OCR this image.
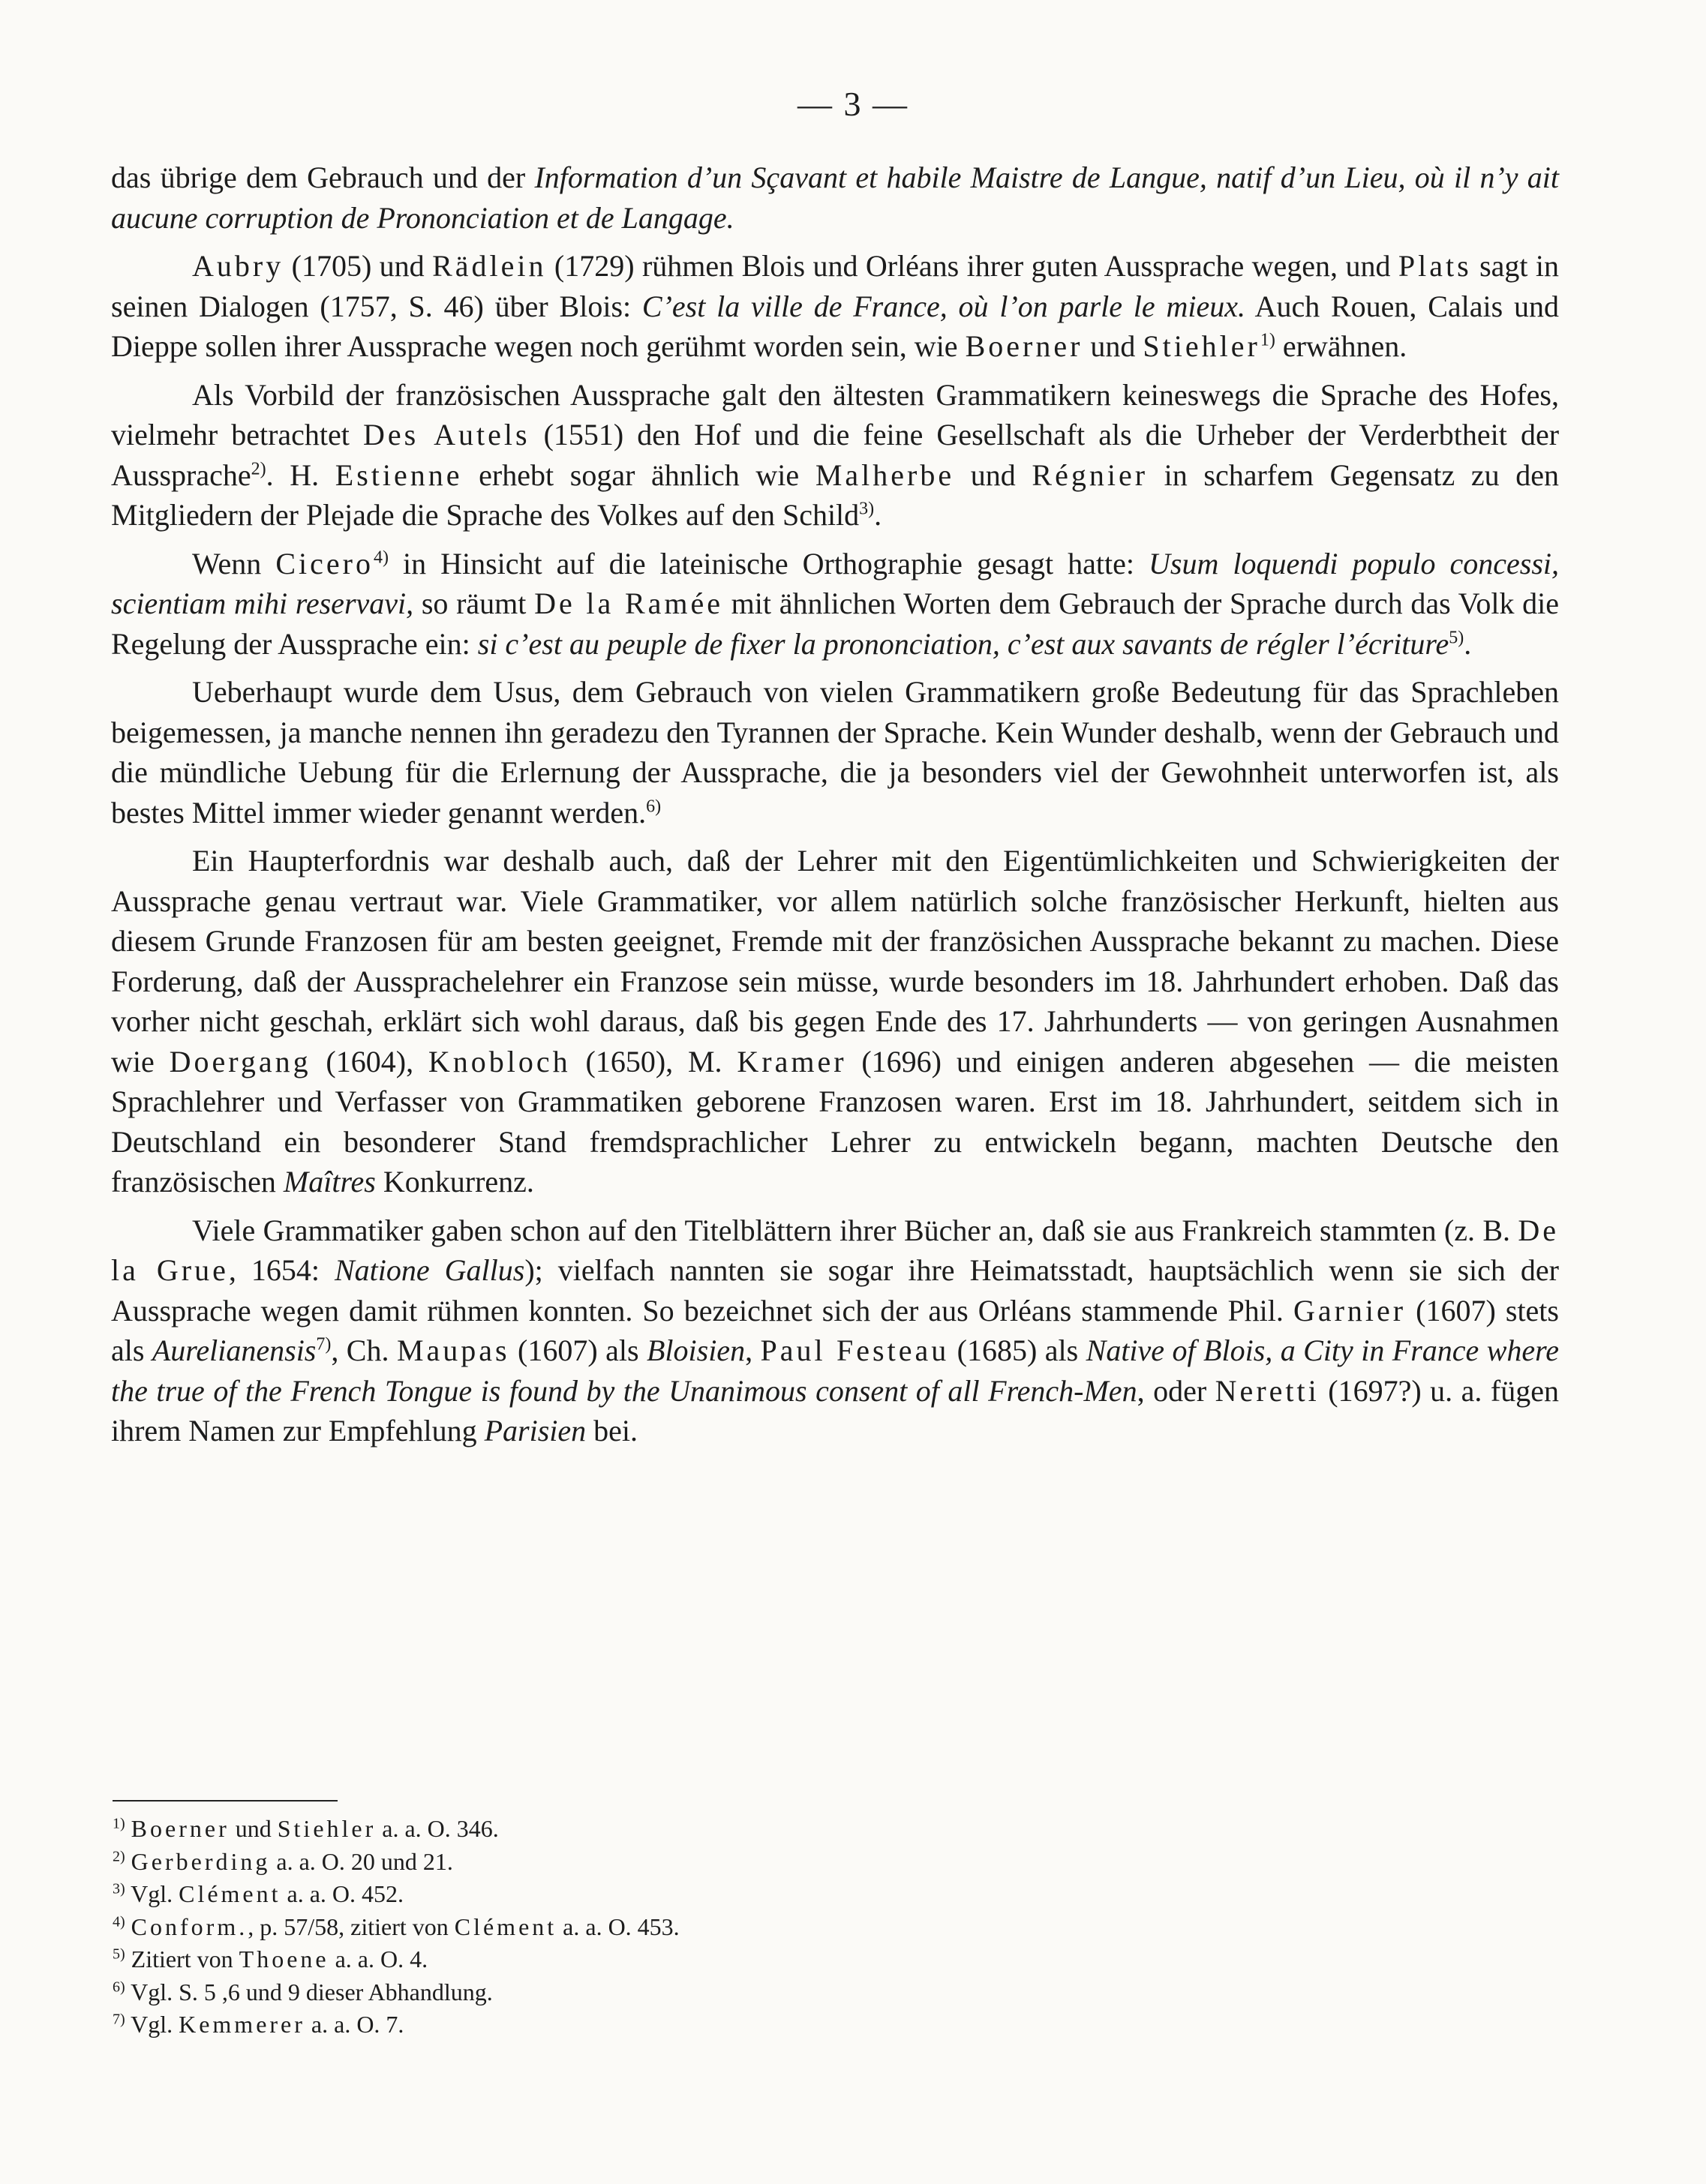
— 3 —

das übrige dem Gebrauch und der Information d’un Sçavant et habile Maistre de Langue, natif d’un Lieu, où il n’y ait aucune corruption de Prononciation et de Langage.

Aubry (1705) und Rädlein (1729) rühmen Blois und Orléans ihrer guten Aussprache wegen, und Plats sagt in seinen Dialogen (1757, S. 46) über Blois: C’est la ville de France, où l’on parle le mieux. Auch Rouen, Calais und Dieppe sollen ihrer Aussprache wegen noch gerühmt worden sein, wie Boerner und Stiehler$^{1)}$ erwähnen.

Als Vorbild der französischen Aussprache galt den ältesten Grammatikern keineswegs die Sprache des Hofes, vielmehr betrachtet Des Autels (1551) den Hof und die feine Gesellschaft als die Urheber der Verderbtheit der Aussprache$^{2)}$. H. Estienne erhebt sogar ähnlich wie Malherbe und Régnier in scharfem Gegensatz zu den Mitgliedern der Plejade die Sprache des Volkes auf den Schild$^{3)}$.

Wenn Cicero$^{4)}$ in Hinsicht auf die lateinische Orthographie gesagt hatte: Usum loquendi populo concessi, scientiam mihi reservavi, so räumt De la Ramée mit ähnlichen Worten dem Gebrauch der Sprache durch das Volk die Regelung der Aussprache ein: si c’est au peuple de fixer la prononciation, c’est aux savants de régler l’écriture$^{5)}$.

Ueberhaupt wurde dem Usus, dem Gebrauch von vielen Grammatikern große Bedeutung für das Sprachleben beigemessen, ja manche nennen ihn geradezu den Tyrannen der Sprache. Kein Wunder deshalb, wenn der Gebrauch und die mündliche Uebung für die Erlernung der Aussprache, die ja besonders viel der Gewohnheit unterworfen ist, als bestes Mittel immer wieder genannt werden.$^{6)}$

Ein Haupterfordnis war deshalb auch, daß der Lehrer mit den Eigentümlichkeiten und Schwierigkeiten der Aussprache genau vertraut war. Viele Grammatiker, vor allem natürlich solche französischer Herkunft, hielten aus diesem Grunde Franzosen für am besten geeignet, Fremde mit der französichen Aussprache bekannt zu machen. Diese Forderung, daß der Aussprachelehrer ein Franzose sein müsse, wurde besonders im 18. Jahrhundert erhoben. Daß das vorher nicht geschah, erklärt sich wohl daraus, daß bis gegen Ende des 17. Jahrhunderts — von geringen Ausnahmen wie Doergang (1604), Knobloch (1650), M. Kramer (1696) und einigen anderen abgesehen — die meisten Sprachlehrer und Verfasser von Grammatiken geborene Franzosen waren. Erst im 18. Jahrhundert, seitdem sich in Deutschland ein besonderer Stand fremdsprachlicher Lehrer zu entwickeln begann, machten Deutsche den französischen Maîtres Konkurrenz.

Viele Grammatiker gaben schon auf den Titelblättern ihrer Bücher an, daß sie aus Frankreich stammten (z. B. De la Grue, 1654: Natione Gallus); vielfach nannten sie sogar ihre Heimatsstadt, hauptsächlich wenn sie sich der Aussprache wegen damit rühmen konnten. So bezeichnet sich der aus Orléans stammende Phil. Garnier (1607) stets als Aurelianensis$^{7)}$, Ch. Maupas (1607) als Bloisien, Paul Festeau (1685) als Native of Blois, a City in France where the true of the French Tongue is found by the Unanimous consent of all French-Men, oder Neretti (1697?) u. a. fügen ihrem Namen zur Empfehlung Parisien bei.

$^{1)}$ Boerner und Stiehler a. a. O. 346.
$^{2)}$ Gerberding a. a. O. 20 und 21.
$^{3)}$ Vgl. Clément a. a. O. 452.
$^{4)}$ Conform., p. 57/58, zitiert von Clément a. a. O. 453.
$^{5)}$ Zitiert von Thoene a. a. O. 4.
$^{6)}$ Vgl. S. 5 ,6 und 9 dieser Abhandlung.
$^{7)}$ Vgl. Kemmerer a. a. O. 7.
